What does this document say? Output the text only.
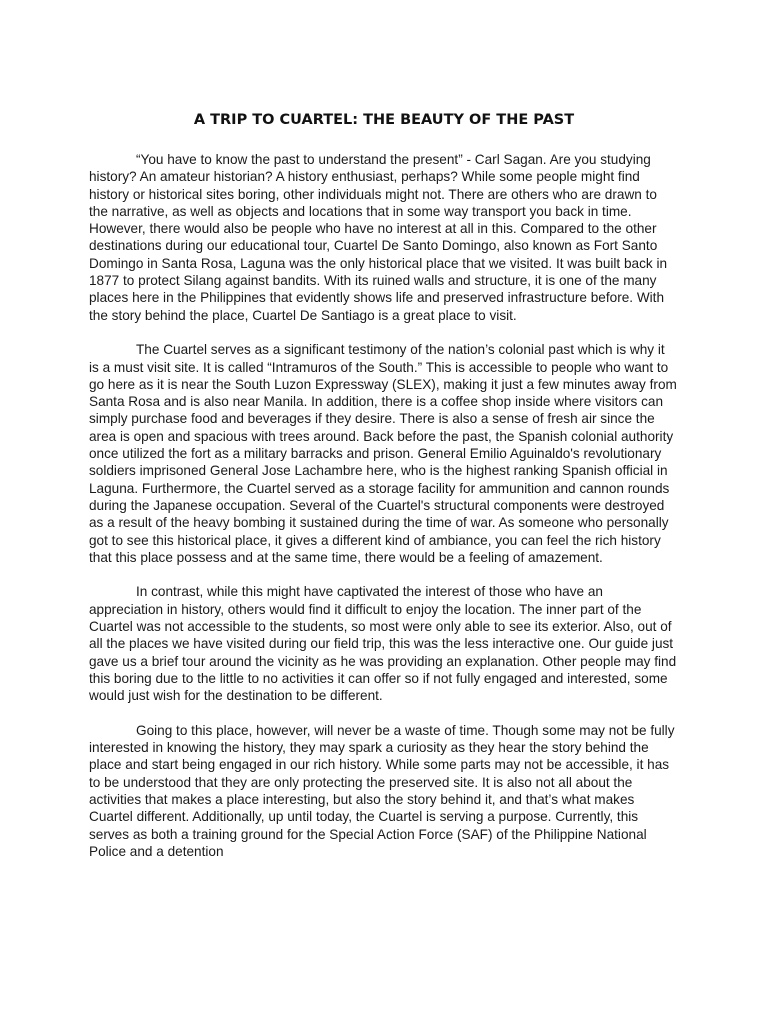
A TRIP TO CUARTEL: THE BEAUTY OF THE PAST

“You have to know the past to understand the present” - Carl Sagan. Are you studying history? An amateur historian? A history enthusiast, perhaps? While some people might find history or historical sites boring, other individuals might not. There are others who are drawn to the narrative, as well as objects and locations that in some way transport you back in time. However, there would also be people who have no interest at all in this. Compared to the other destinations during our educational tour, Cuartel De Santo Domingo, also known as Fort Santo Domingo in Santa Rosa, Laguna was the only historical place that we visited. It was built back in 1877 to protect Silang against bandits. With its ruined walls and structure, it is one of the many places here in the Philippines that evidently shows life and preserved infrastructure before. With the story behind the place, Cuartel De Santiago is a great place to visit.

The Cuartel serves as a significant testimony of the nation’s colonial past which is why it is a must visit site. It is called “Intramuros of the South.” This is accessible to people who want to go here as it is near the South Luzon Expressway (SLEX), making it just a few minutes away from Santa Rosa and is also near Manila. In addition, there is a coffee shop inside where visitors can simply purchase food and beverages if they desire. There is also a sense of fresh air since the area is open and spacious with trees around. Back before the past, the Spanish colonial authority once utilized the fort as a military barracks and prison. General Emilio Aguinaldo's revolutionary soldiers imprisoned General Jose Lachambre here, who is the highest ranking Spanish official in Laguna. Furthermore, the Cuartel served as a storage facility for ammunition and cannon rounds during the Japanese occupation. Several of the Cuartel's structural components were destroyed as a result of the heavy bombing it sustained during the time of war. As someone who personally got to see this historical place, it gives a different kind of ambiance, you can feel the rich history that this place possess and at the same time, there would be a feeling of amazement.

In contrast, while this might have captivated the interest of those who have an appreciation in history, others would find it difficult to enjoy the location. The inner part of the Cuartel was not accessible to the students, so most were only able to see its exterior. Also, out of all the places we have visited during our field trip, this was the less interactive one. Our guide just gave us a brief tour around the vicinity as he was providing an explanation. Other people may find this boring due to the little to no activities it can offer so if not fully engaged and interested, some would just wish for the destination to be different.

Going to this place, however, will never be a waste of time. Though some may not be fully interested in knowing the history, they may spark a curiosity as they hear the story behind the place and start being engaged in our rich history. While some parts may not be accessible, it has to be understood that they are only protecting the preserved site. It is also not all about the activities that makes a place interesting, but also the story behind it, and that’s what makes Cuartel different. Additionally, up until today, the Cuartel is serving a purpose. Currently, this serves as both a training ground for the Special Action Force (SAF) of the Philippine National Police and a detention
